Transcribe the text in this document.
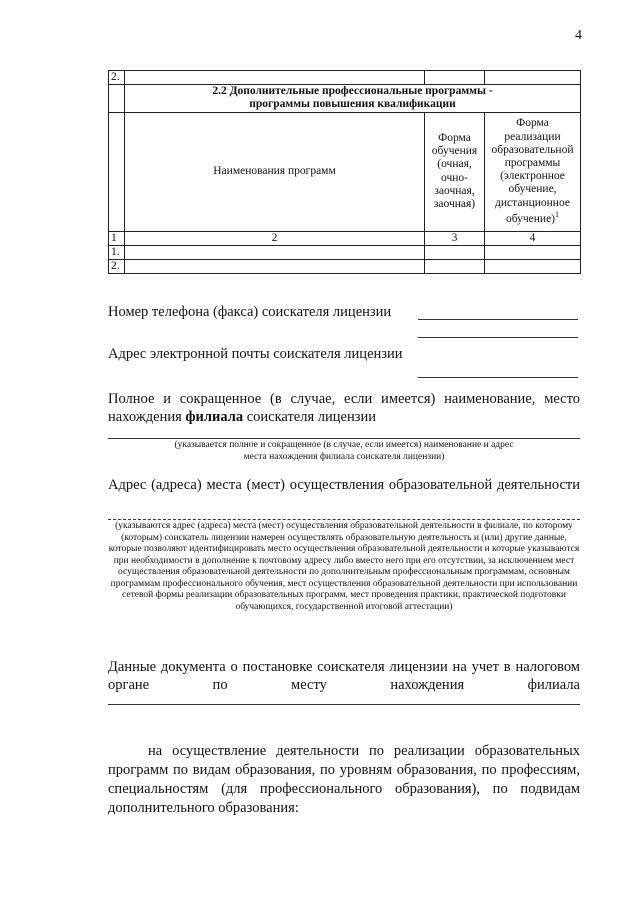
4
2.			

	2.2 Дополнительные профессиональные программы -
программы повышения квалификации		

	Наименования программ	Форма обучения (очная, очно-заочная, заочная)	Форма реализации образовательной программы (электронное обучение, дистанционное обучение)$^1$
1	2	3	4
1.			
2.			
Номер телефона (факса) соискателя лицензии
Адрес электронной почты соискателя лицензии
Полное и сокращенное (в случае, если имеется) наименование, место нахождения филиала соискателя лицензии
(указывается полное и сокращенное (в случае, если имеется) наименование и адрес места нахождения филиала соискателя лицензии)
Адрес (адреса) места (мест) осуществления образовательной деятельности
(указываются адрес (адреса) места (мест) осуществления образовательной деятельности в филиале, по которому (которым) соискатель лицензии намерен осуществлять образовательную деятельность и (или) другие данные, которые позволяют идентифицировать место осуществления образовательной деятельности и которые указываются при необходимости в дополнение к почтовому адресу либо вместо него при его отсутствии, за исключением мест осуществления образовательной деятельности по дополнительным профессиональным программам, основным программам профессионального обучения, мест осуществления образовательной деятельности при использовании сетевой формы реализации образовательных программ, мест проведения практики, практической подготовки обучающихся, государственной итоговой аттестации)
Данные документа о постановке соискателя лицензии на учет в налоговом органе по месту нахождения филиала
на осуществление деятельности по реализации образовательных программ по видам образования, по уровням образования, по профессиям, специальностям (для профессионального образования), по подвидам дополнительного образования:
